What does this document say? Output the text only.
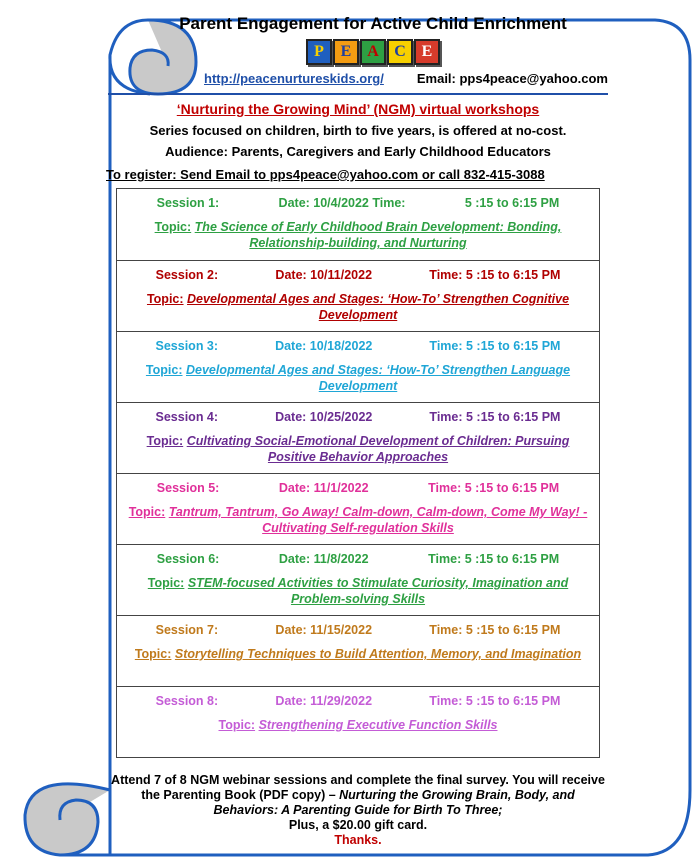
Parent Engagement for Active Child Enrichment
P	E A C E
http://peacenurtureskids.org/	Email: pps4peace@yahoo.com
‘Nurturing the Growing Mind’ (NGM) virtual workshops
Series focused on children, birth to five years, is offered at no-cost.
Audience: Parents, Caregivers and Early Childhood Educators
To register: Send Email to pps4peace@yahoo.com or call 832-415-3088
Session 1:	Date: 10/4/2022 Time:	5 :15 to 6:15 PM
Topic: The Science of Early Childhood Brain Development: Bonding, Relationship-building, and Nurturing
Session 2:	Date: 10/11/2022	Time: 5 :15 to 6:15 PM
Topic: Developmental Ages and Stages: ‘How-To’ Strengthen Cognitive Development
Session 3:	Date: 10/18/2022	Time: 5 :15 to 6:15 PM
Topic: Developmental Ages and Stages: ‘How-To’ Strengthen Language Development
Session 4:	Date: 10/25/2022	Time: 5 :15 to 6:15 PM
Topic: Cultivating Social-Emotional Development of Children: Pursuing Positive Behavior Approaches
Session 5:	Date: 11/1/2022	Time: 5 :15 to 6:15 PM
Topic: Tantrum, Tantrum, Go Away! Calm-down, Calm-down, Come My Way! - Cultivating Self-regulation Skills
Session 6:	Date: 11/8/2022	Time: 5 :15 to 6:15 PM
Topic: STEM-focused Activities to Stimulate Curiosity, Imagination and Problem-solving Skills
Session 7:	Date: 11/15/2022	Time: 5 :15 to 6:15 PM
Topic: Storytelling Techniques to Build Attention, Memory, and Imagination
Session 8:	Date: 11/29/2022	Time: 5 :15 to 6:15 PM
Topic: Strengthening Executive Function Skills
Attend 7 of 8 NGM webinar sessions and complete the final survey. You will receive the Parenting Book (PDF copy) – Nurturing the Growing Brain, Body, and Behaviors: A Parenting Guide for Birth To Three;
Plus, a $20.00 gift card.
Thanks.
